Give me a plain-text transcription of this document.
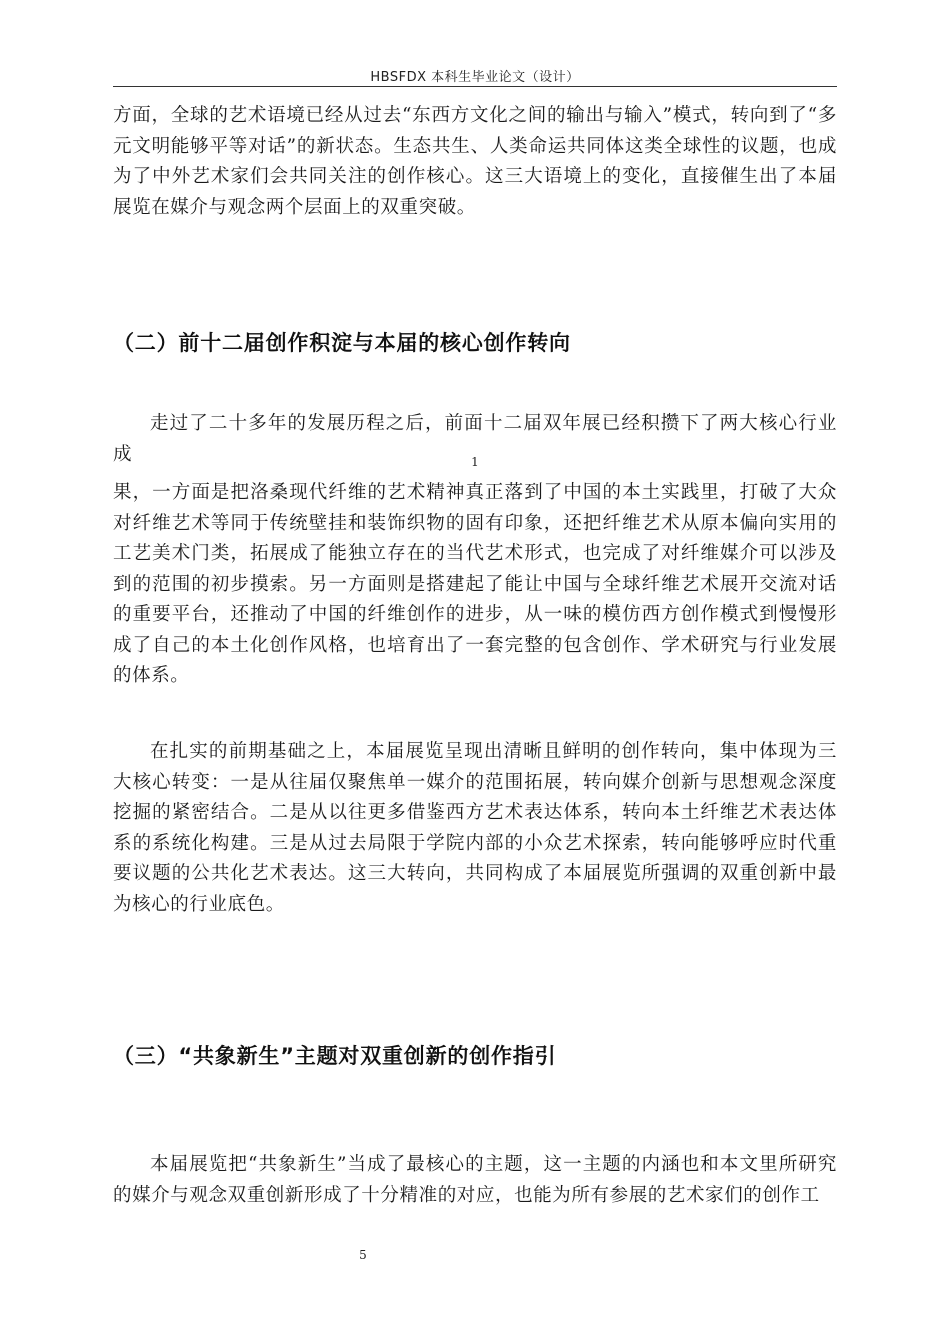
HBSFDX 本科生毕业论文（设计）

方面，全球的艺术语境已经从过去“东西方文化之间的输出与输入”模式，转向到了“多元文明能够平等对话”的新状态。生态共生、人类命运共同体这类全球性的议题，也成为了中外艺术家们会共同关注的创作核心。这三大语境上的变化，直接催生出了本届展览在媒介与观念两个层面上的双重突破。

（二）前十二届创作积淀与本届的核心创作转向

走过了二十多年的发展历程之后，前面十二届双年展已经积攒下了两大核心行业成	1

果，一方面是把洛桑现代纤维的艺术精神真正落到了中国的本土实践里，打破了大众对纤维艺术等同于传统壁挂和装饰织物的固有印象，还把纤维艺术从原本偏向实用的工艺美术门类，拓展成了能独立存在的当代艺术形式，也完成了对纤维媒介可以涉及到的范围的初步摸索。另一方面则是搭建起了能让中国与全球纤维艺术展开交流对话的重要平台，还推动了中国的纤维创作的进步，从一味的模仿西方创作模式到慢慢形成了自己的本土化创作风格，也培育出了一套完整的包含创作、学术研究与行业发展的体系。

在扎实的前期基础之上，本届展览呈现出清晰且鲜明的创作转向，集中体现为三大核心转变：一是从往届仅聚焦单一媒介的范围拓展，转向媒介创新与思想观念深度挖掘的紧密结合。二是从以往更多借鉴西方艺术表达体系，转向本土纤维艺术表达体系的系统化构建。三是从过去局限于学院内部的小众艺术探索，转向能够呼应时代重要议题的公共化艺术表达。这三大转向，共同构成了本届展览所强调的双重创新中最为核心的行业底色。

（三）“共象新生”主题对双重创新的创作指引

本届展览把“共象新生”当成了最核心的主题，这一主题的内涵也和本文里所研究的媒介与观念双重创新形成了十分精准的对应，也能为所有参展的艺术家们的创作工

5
